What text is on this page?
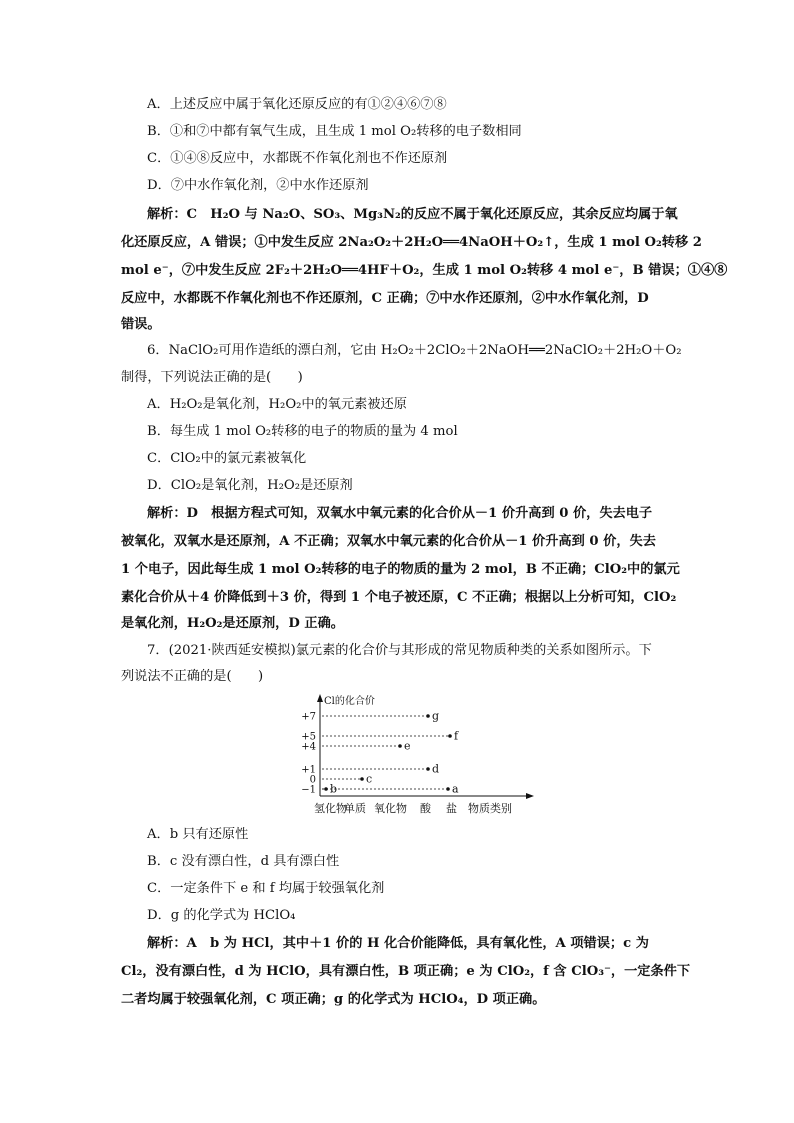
A．上述反应中属于氧化还原反应的有①②④⑥⑦⑧
B．①和⑦中都有氧气生成，且生成 1 mol O₂转移的电子数相同
C．①④⑧反应中，水都既不作氧化剂也不作还原剂
D．⑦中水作氧化剂，②中水作还原剂
解析：C　H₂O 与 Na₂O、SO₃、Mg₃N₂的反应不属于氧化还原反应，其余反应均属于氧
化还原反应，A 错误；①中发生反应 2Na₂O₂＋2H₂O══4NaOH＋O₂↑，生成 1 mol O₂转移 2
mol e⁻，⑦中发生反应 2F₂＋2H₂O══4HF＋O₂，生成 1 mol O₂转移 4 mol e⁻，B 错误；①④⑧
反应中，水都既不作氧化剂也不作还原剂，C 正确；⑦中水作还原剂，②中水作氧化剂，D
错误。
6．NaClO₂可用作造纸的漂白剂，它由 H₂O₂＋2ClO₂＋2NaOH══2NaClO₂＋2H₂O＋O₂
制得，下列说法正确的是(　　)
A．H₂O₂是氧化剂，H₂O₂中的氧元素被还原
B．每生成 1 mol O₂转移的电子的物质的量为 4 mol
C．ClO₂中的氯元素被氧化
D．ClO₂是氧化剂，H₂O₂是还原剂
解析：D　根据方程式可知，双氧水中氧元素的化合价从－1 价升高到 0 价，失去电子
被氧化，双氧水是还原剂，A 不正确；双氧水中氧元素的化合价从－1 价升高到 0 价，失去
1 个电子，因此每生成 1 mol O₂转移的电子的物质的量为 2 mol，B 不正确；ClO₂中的氯元
素化合价从＋4 价降低到＋3 价，得到 1 个电子被还原，C 不正确；根据以上分析可知，ClO₂
是氧化剂，H₂O₂是还原剂，D 正确。
7．(2021·陕西延安模拟)氯元素的化合价与其形成的常见物质种类的关系如图所示。下
列说法不正确的是(　　)
Cl的化合价
+7
+5
+4
+1
0
−1
g
f
e
d
c
b	a
氢化物
单质 氧化物 酸 盐 物质类别
A．b 只有还原性
B．c 没有漂白性，d 具有漂白性
C．一定条件下 e 和 f 均属于较强氧化剂
D．g 的化学式为 HClO₄
解析：A　b 为 HCl，其中＋1 价的 H 化合价能降低，具有氧化性，A 项错误；c 为
Cl₂，没有漂白性，d 为 HClO，具有漂白性，B 项正确；e 为 ClO₂，f 含 ClO₃⁻，一定条件下
二者均属于较强氧化剂，C 项正确；g 的化学式为 HClO₄，D 项正确。
